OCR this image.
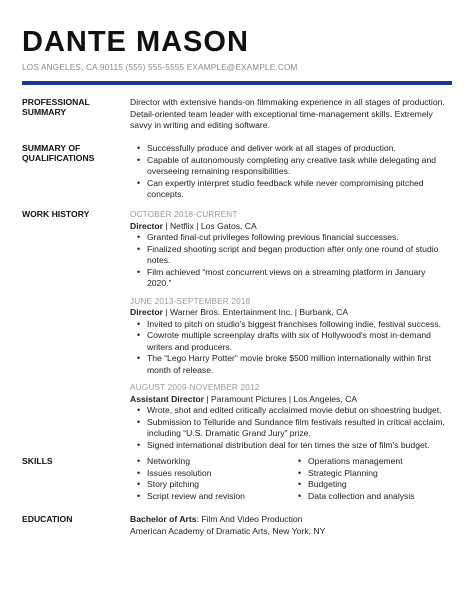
DANTE MASON
LOS ANGELES, CA 90115 (555) 555-5555 EXAMPLE@EXAMPLE.COM
PROFESSIONAL SUMMARY

Director with extensive hands-on filmmaking experience in all stages of production. Detail-oriented team leader with exceptional time-management skills. Extremely savvy in writing and editing software.

SUMMARY OF QUALIFICATIONS
• Successfully produce and deliver work at all stages of production.
• Capable of autonomously completing any creative task while delegating and overseeing remaining responsibilities.
• Can expertly interpret studio feedback while never compromising pitched concepts.
WORK HISTORY	OCTOBER 2018-CURRENT
Director | Netflix | Los Gatos, CA
• Granted final-cut privileges following previous financial successes.
• Finalized shooting script and began production after only one round of studio notes.
• Film achieved “most concurrent views on a streaming platform in January 2020.”
JUNE 2013-SEPTEMBER 2018
Director | Warner Bros. Entertainment Inc. | Burbank, CA
• Invited to pitch on studio's biggest franchises following indie, festival success.
• Cowrote multiple screenplay drafts with six of Hollywood's most in-demand writers and producers.
• The “Lego Harry Potter” movie broke $500 million internationally within first month of release.
AUGUST 2009-NOVEMBER 2012
Assistant Director | Paramount Pictures | Los Angeles, CA
• Wrote, shot and edited critically acclaimed movie debut on shoestring budget.
• Submission to Telluride and Sundance film festivals resulted in critical acclaim, including “U.S. Dramatic Grand Jury” prize.
• Signed international distribution deal for ten times the size of film's budget.
SKILLS
•	Networking
• Issues resolution
• Story pitching
• Script review and revision
• Operations management
• Strategic Planning
• Budgeting
• Data collection and analysis
EDUCATION	Bachelor of Arts: Film And Video Production
American Academy of Dramatic Arts, New York, NY
